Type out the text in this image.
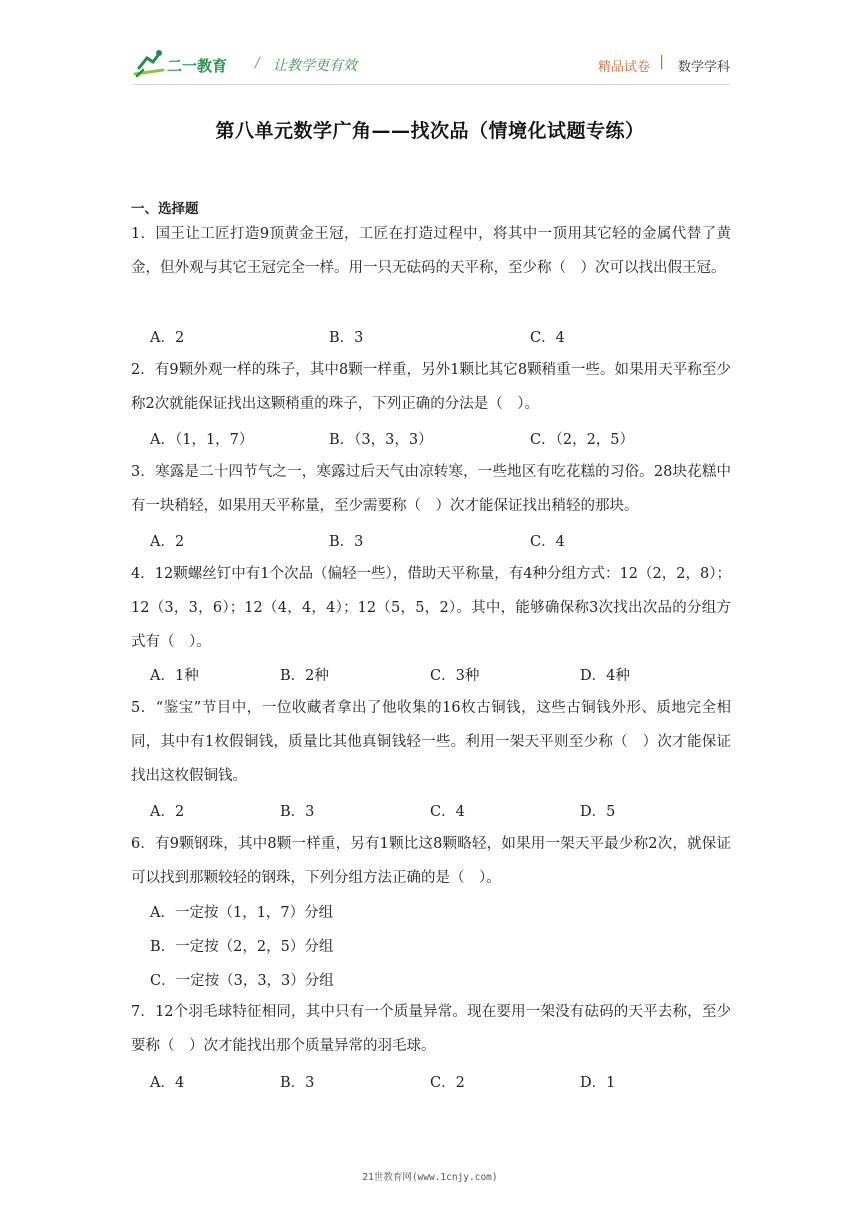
二一教育 / 让教学更有效	精品试卷 | 数学学科
第八单元数学广角——找次品（情境化试题专练）
一、选择题
1．国王让工匠打造9顶黄金王冠，工匠在打造过程中，将其中一顶用其它轻的金属代替了黄金，但外观与其它王冠完全一样。用一只无砝码的天平称，至少称（　）次可以找出假王冠。
A．2	B．3	C．4
2．有9颗外观一样的珠子，其中8颗一样重，另外1颗比其它8颗稍重一些。如果用天平称至少称2次就能保证找出这颗稍重的珠子，下列正确的分法是（　）。
A．（1，1，7）	B．（3，3，3）	C．（2，2，5）
3．寒露是二十四节气之一，寒露过后天气由凉转寒，一些地区有吃花糕的习俗。28块花糕中有一块稍轻，如果用天平称量，至少需要称（　）次才能保证找出稍轻的那块。
A．2	B．3	C．4
4．12颗螺丝钉中有1个次品（偏轻一些），借助天平称量，有4种分组方式：12（2，2，8）；12（3，3，6）；12（4，4，4）；12（5，5，2）。其中，能够确保称3次找出次品的分组方式有（　）。
A．1种	B．2种	C．3种	D．4种
5．“鉴宝”节目中，一位收藏者拿出了他收集的16枚古铜钱，这些古铜钱外形、质地完全相同，其中有1枚假铜钱，质量比其他真铜钱轻一些。利用一架天平则至少称（　）次才能保证找出这枚假铜钱。
A．2	B．3	C．4	D．5
6．有9颗钢珠，其中8颗一样重，另有1颗比这8颗略轻，如果用一架天平最少称2次，就保证可以找到那颗较轻的钢珠，下列分组方法正确的是（　）。
A．一定按（1，1，7）分组
B．一定按（2，2，5）分组
C．一定按（3，3，3）分组
7．12个羽毛球特征相同，其中只有一个质量异常。现在要用一架没有砝码的天平去称，至少要称（　）次才能找出那个质量异常的羽毛球。
A．4	B．3	C．2	D．1
21世教育网(www.1cnjy.com)
